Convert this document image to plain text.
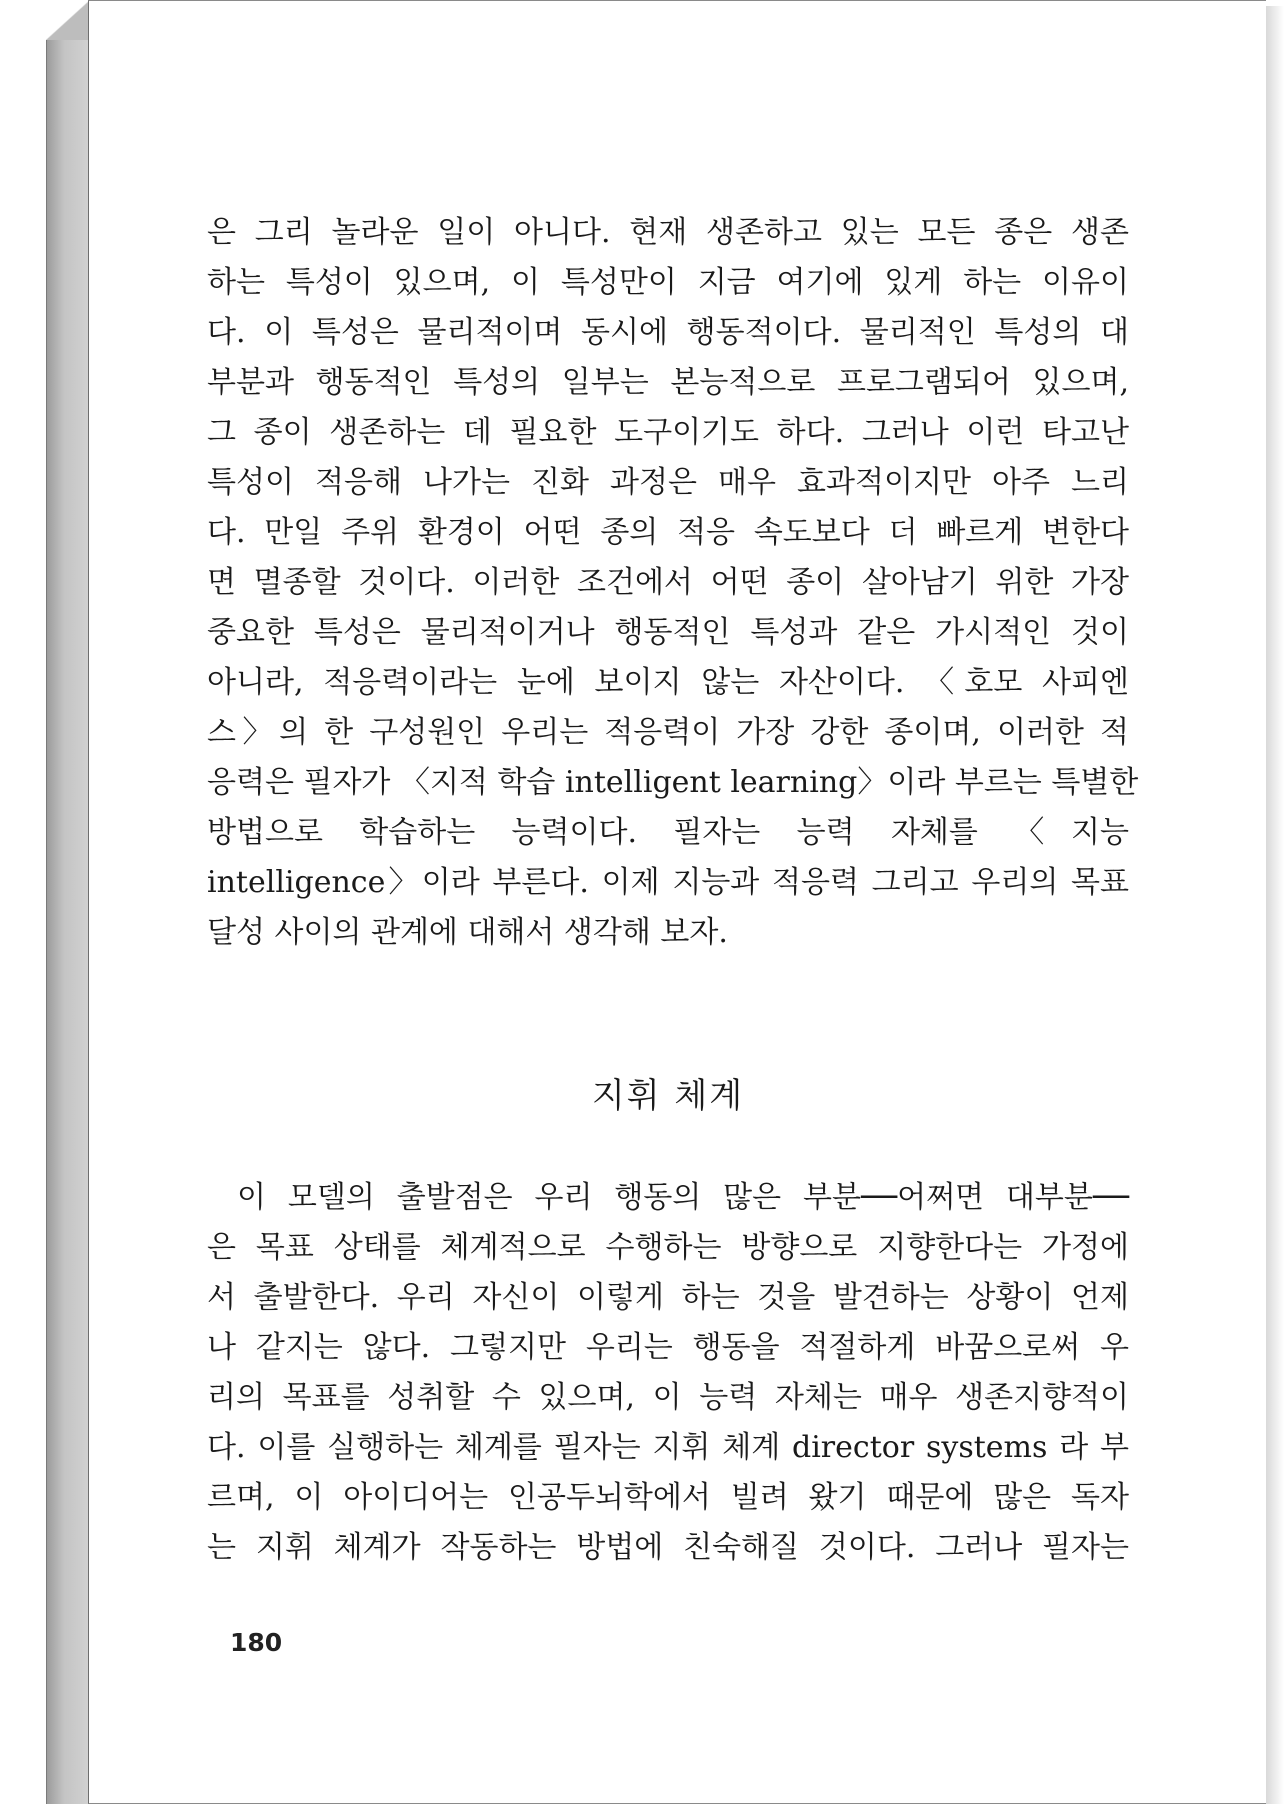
은 그리 놀라운 일이 아니다. 현재 생존하고 있는 모든 종은 생존
하는 특성이 있으며, 이 특성만이 지금 여기에 있게 하는 이유이
다. 이 특성은 물리적이며 동시에 행동적이다. 물리적인 특성의 대
부분과 행동적인 특성의 일부는 본능적으로 프로그램되어 있으며,
그 종이 생존하는 데 필요한 도구이기도 하다. 그러나 이런 타고난
특성이 적응해 나가는 진화 과정은 매우 효과적이지만 아주 느리
다. 만일 주위 환경이 어떤 종의 적응 속도보다 더 빠르게 변한다
면 멸종할 것이다. 이러한 조건에서 어떤 종이 살아남기 위한 가장
중요한 특성은 물리적이거나 행동적인 특성과 같은 가시적인 것이
아니라, 적응력이라는 눈에 보이지 않는 자산이다. 〈호모 사피엔
스〉의 한 구성원인 우리는 적응력이 가장 강한 종이며, 이러한 적
응력은 필자가 〈지적 학습 intelligent learning〉이라 부르는 특별한
방법으로 학습하는 능력이다. 필자는 능력 자체를 〈지능
intelligence〉이라 부른다. 이제 지능과 적응력 그리고 우리의 목표
달성 사이의 관계에 대해서 생각해 보자.
지휘 체계
이 모델의 출발점은 우리 행동의 많은 부분──어쩌면 대부분──
은 목표 상태를 체계적으로 수행하는 방향으로 지향한다는 가정에
서 출발한다. 우리 자신이 이렇게 하는 것을 발견하는 상황이 언제
나 같지는 않다. 그렇지만 우리는 행동을 적절하게 바꿈으로써 우
리의 목표를 성취할 수 있으며, 이 능력 자체는 매우 생존지향적이
다. 이를 실행하는 체계를 필자는 지휘 체계 director systems 라 부
르며, 이 아이디어는 인공두뇌학에서 빌려 왔기 때문에 많은 독자
는 지휘 체계가 작동하는 방법에 친숙해질 것이다. 그러나 필자는
180
